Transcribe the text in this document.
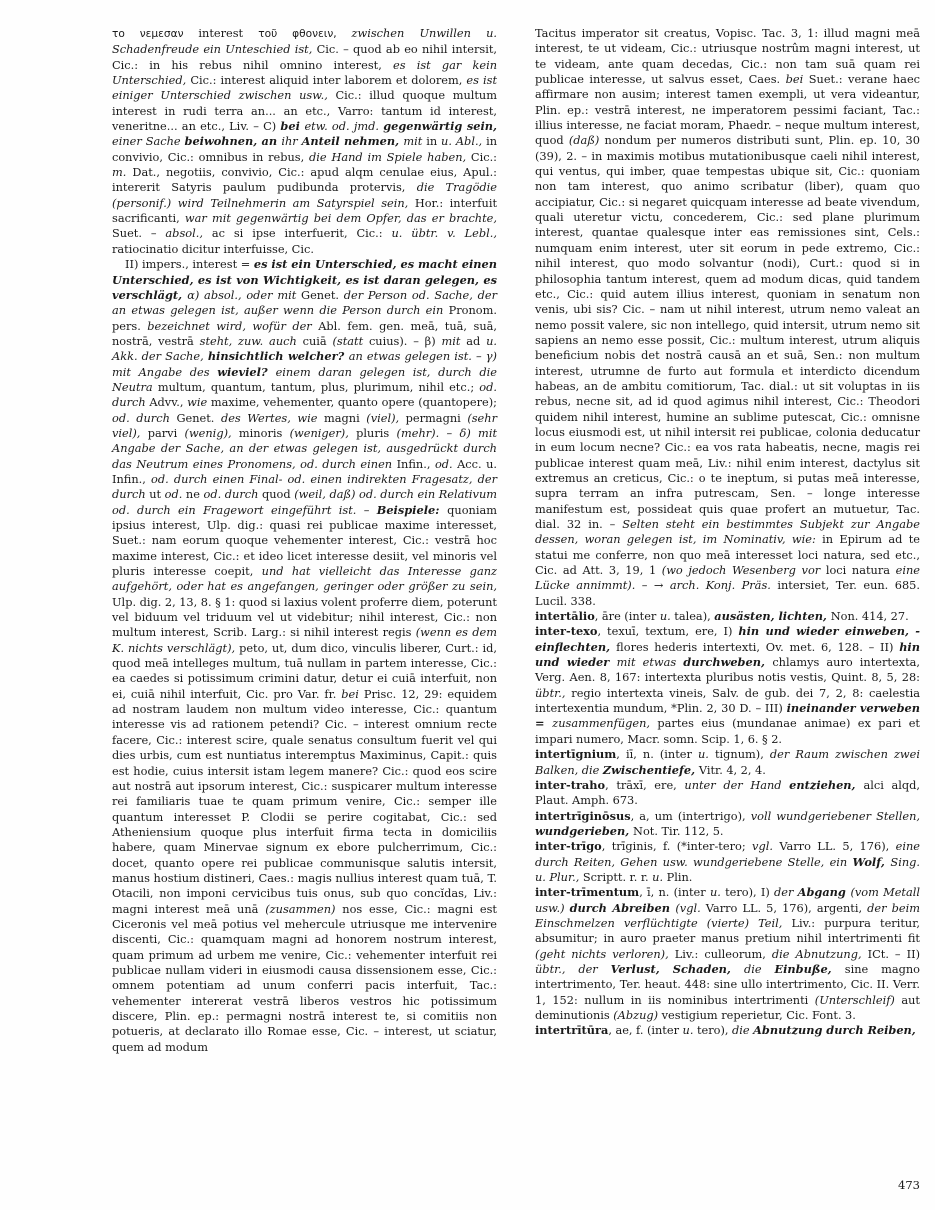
το νεμεσαν interest τοῦ φθονειν, zwischen Unwillen u. Schadenfreude ein Unteschied ist, Cic. – quod ab eo nihil intersit, Cic.: in his rebus nihil omnino interest, es ist gar kein Unterschied, Cic.: interest aliquid inter laborem et dolorem, es ist einiger Unterschied zwischen usw., Cic.: illud quoque multum interest in rudi terra an... an etc., Varro: tantum id interest, veneritne... an etc., Liv. – C) bei etw. od. jmd. gegenwärtig sein, einer Sache beiwohnen, an ihr Anteil nehmen, mit in u. Abl., in convivio, Cic.: omnibus in rebus, die Hand im Spiele haben, Cic.: m. Dat., negotiis, convivio, Cic.: apud alqm cenulae eius, Apul.: intererit Satyris paulum pudibunda protervis, die Tragödie (personif.) wird Teilnehmerin am Satyrspiel sein, Hor.: interfuit sacrificanti, war mit gegenwärtig bei dem Opfer, das er brachte, Suet. – absol., ac si ipse interfuerit, Cic.: u. übtr. v. Lebl., ratiocinatio dicitur interfuisse, Cic.

II) impers., interest = es ist ein Unterschied, es macht einen Unterschied, es ist von Wichtigkeit, es ist daran gelegen, es verschlägt, α) absol., oder mit Genet. der Person od. Sache, der an etwas gelegen ist, außer wenn die Person durch ein Pronom. pers. bezeichnet wird, wofür der Abl. fem. gen. meā, tuā, suā, nostrā, vestrā steht, zuw. auch cuiā (statt cuius). – β) mit ad u. Akk. der Sache, hinsichtlich welcher? an etwas gelegen ist. – γ) mit Angabe des wieviel? einem daran gelegen ist, durch die Neutra multum, quantum, tantum, plus, plurimum, nihil etc.; od. durch Advv., wie maxime, vehementer, quanto opere (quantopere); od. durch Genet. des Wertes, wie magni (viel), permagni (sehr viel), parvi (wenig), minoris (weniger), pluris (mehr). – δ) mit Angabe der Sache, an der etwas gelegen ist, ausgedrückt durch das Neutrum eines Pronomens, od. durch einen Infin., od. Acc. u. Infin., od. durch einen Final- od. einen indirekten Fragesatz, der durch ut od. ne od. durch quod (weil, daß) od. durch ein Relativum od. durch ein Fragewort eingeführt ist. – Beispiele: quoniam ipsius interest, Ulp. dig.: quasi rei publicae maxime interesset, Suet.: nam eorum quoque vehementer interest, Cic.: vestrā hoc maxime interest, Cic.: et ideo licet interesse desiit, vel minoris vel pluris interesse coepit, und hat vielleicht das Interesse ganz aufgehört, oder hat es angefangen, geringer oder größer zu sein, Ulp. dig. 2, 13, 8. § 1: quod si laxius volent proferre diem, poterunt vel biduum vel triduum vel ut videbitur; nihil interest, Cic.: non multum interest, Scrib. Larg.: si nihil interest regis (wenn es dem K. nichts verschlägt), peto, ut, dum dico, vinculis liberer, Curt.: id, quod meā intelleges multum, tuā nullam in partem interesse, Cic.: ea caedes si potissimum crimini datur, detur ei cuiā interfuit, non ei, cuiā nihil interfuit, Cic. pro Var. fr. bei Prisc. 12, 29: equidem ad nostram laudem non multum video interesse, Cic.: quantum interesse vis ad rationem petendi? Cic. – interest omnium recte facere, Cic.: interest scire, quale senatus consultum fuerit vel qui dies urbis, cum est nuntiatus interemptus Maximinus, Capit.: quis est hodie, cuius intersit istam legem manere? Cic.: quod eos scire aut nostrā aut ipsorum interest, Cic.: suspicarer multum interesse rei familiaris tuae te quam primum venire, Cic.: semper ille quantum interesset P. Clodii se perire cogitabat, Cic.: sed Atheniensium quoque plus interfuit firma tecta in domiciliis habere, quam Minervae signum ex ebore pulcherrimum, Cic.: docet, quanto opere rei publicae communisque salutis intersit, manus hostium distineri, Caes.: magis nullius interest quam tuā, T. Otacili, non imponi cervicibus tuis onus, sub quo concĭdas, Liv.: magni interest meā unā (zusammen) nos esse, Cic.: magni est Ciceronis vel meā potius vel mehercule utriusque me intervenire discenti, Cic.: quamquam magni ad honorem nostrum interest, quam primum ad urbem me venire, Cic.: vehementer interfuit rei publicae nullam videri in eiusmodi causa dissensionem esse, Cic.: omnem potentiam ad unum conferri pacis interfuit, Tac.: vehementer intererat vestrā liberos vestros hic potissimum discere, Plin. ep.: permagni nostrā interest te, si comitiis non potueris, at declarato illo Romae esse, Cic. – interest, ut sciatur, quem ad modum

Tacitus imperator sit creatus, Vopisc. Tac. 3, 1: illud magni meā interest, te ut videam, Cic.: utriusque nostrûm magni interest, ut te videam, ante quam decedas, Cic.: non tam suā quam rei publicae interesse, ut salvus esset, Caes. bei Suet.: verane haec affirmare non ausim; interest tamen exempli, ut vera videantur, Plin. ep.: vestrā interest, ne imperatorem pessimi faciant, Tac.: illius interesse, ne faciat moram, Phaedr. – neque multum interest, quod (daß) nondum per numeros distributi sunt, Plin. ep. 10, 30 (39), 2. – in maximis motibus mutationibusque caeli nihil interest, qui ventus, qui imber, quae tempestas ubique sit, Cic.: quoniam non tam interest, quo animo scribatur (liber), quam quo accipiatur, Cic.: si negaret quicquam interesse ad beate vivendum, quali uteretur victu, concederem, Cic.: sed plane plurimum interest, quantae qualesque inter eas remissiones sint, Cels.: numquam enim interest, uter sit eorum in pede extremo, Cic.: nihil interest, quo modo solvantur (nodi), Curt.: quod si in philosophia tantum interest, quem ad modum dicas, quid tandem etc., Cic.: quid autem illius interest, quoniam in senatum non venis, ubi sis? Cic. – nam ut nihil interest, utrum nemo valeat an nemo possit valere, sic non intellego, quid intersit, utrum nemo sit sapiens an nemo esse possit, Cic.: multum interest, utrum aliquis beneficium nobis det nostrā causā an et suā, Sen.: non multum interest, utrumne de furto aut formula et interdicto dicendum habeas, an de ambitu comitiorum, Tac. dial.: ut sit voluptas in iis rebus, necne sit, ad id quod agimus nihil interest, Cic.: Theodori quidem nihil interest, humine an sublime putescat, Cic.: omnisne locus eiusmodi est, ut nihil intersit rei publicae, colonia deducatur in eum locum necne? Cic.: ea vos rata habeatis, necne, magis rei publicae interest quam meā, Liv.: nihil enim interest, dactylus sit extremus an creticus, Cic.: o te ineptum, si putas meā interesse, supra terram an infra putrescam, Sen. – longe interesse manifestum est, possideat quis quae profert an mutuetur, Tac. dial. 32 in. – Selten steht ein bestimmtes Subjekt zur Angabe dessen, woran gelegen ist, im Nominativ, wie: in Epirum ad te statui me conferre, non quo meā interesset loci natura, sed etc., Cic. ad Att. 3, 19, 1 (wo jedoch Wesenberg vor loci natura eine Lücke annimmt). – → arch. Konj. Präs. intersiet, Ter. eun. 685. Lucil. 338.

intertālio, āre (inter u. talea), ausästen, lichten, Non. 414, 27.

inter-texo, texuī, textum, ere, I) hin und wieder einweben, -einflechten, flores hederis intertexti, Ov. met. 6, 128. – II) hin und wieder mit etwas durchweben, chlamys auro intertexta, Verg. Aen. 8, 167: intertexta pluribus notis vestis, Quint. 8, 5, 28: übtr., regio intertexta vineis, Salv. de gub. dei 7, 2, 8: caelestia intertexentia mundum, *Plin. 2, 30 D. – III) ineinander verweben = zusammenfügen, partes eius (mundanae animae) ex pari et impari numero, Macr. somn. Scip. 1, 6. § 2.

intertīgnium, iī, n. (inter u. tignum), der Raum zwischen zwei Balken, die Zwischentiefe, Vitr. 4, 2, 4.

inter-traho, trāxī, ere, unter der Hand entziehen, alci alqd, Plaut. Amph. 673.

intertrīginōsus, a, um (intertrigo), voll wundgeriebener Stellen, wundgerieben, Not. Tir. 112, 5.

inter-trīgo, trīginis, f. (*inter-tero; vgl. Varro LL. 5, 176), eine durch Reiten, Gehen usw. wundgeriebene Stelle, ein Wolf, Sing. u. Plur., Scriptt. r. r. u. Plin.

inter-trīmentum, ī, n. (inter u. tero), I) der Abgang (vom Metall usw.) durch Abreiben (vgl. Varro LL. 5, 176), argenti, der beim Einschmelzen verflüchtigte (vierte) Teil, Liv.: purpura teritur, absumitur; in auro praeter manus pretium nihil intertrimenti fit (geht nichts verloren), Liv.: culleorum, die Abnutzung, ICt. – II) übtr., der Verlust, Schaden, die Einbuße, sine magno intertrimento, Ter. heaut. 448: sine ullo intertrimento, Cic. II. Verr. 1, 152: nullum in iis nominibus intertrimenti (Unterschleif) aut deminutionis (Abzug) vestigium reperietur, Cic. Font. 3.

intertrītūra, ae, f. (inter u. tero), die Abnutzung durch Reiben,

473
